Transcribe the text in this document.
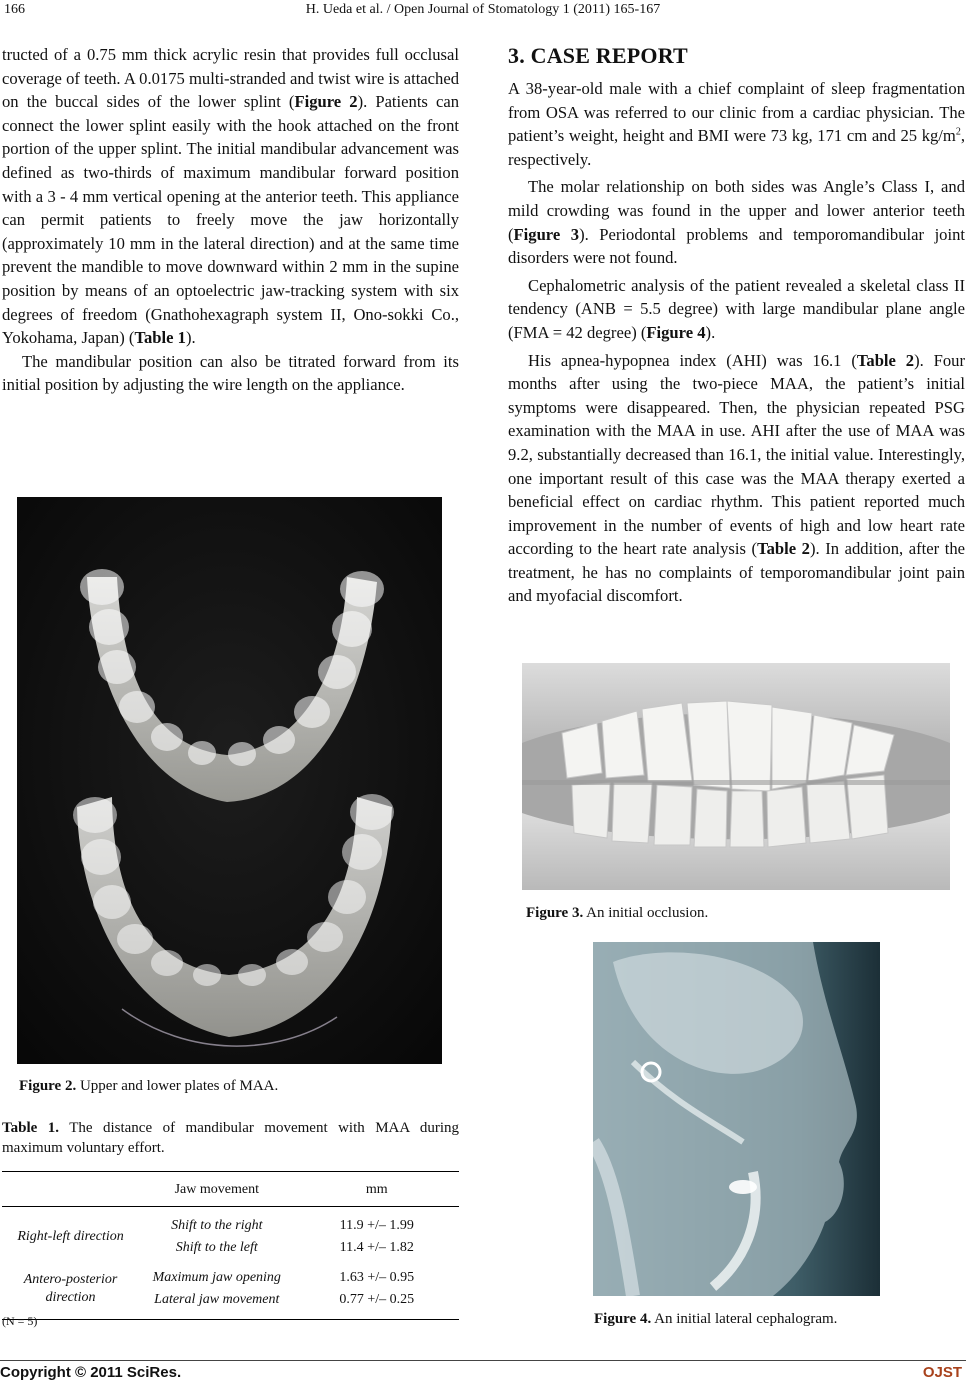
166	H. Ueda et al. / Open Journal of Stomatology 1 (2011) 165-167

tructed of a 0.75 mm thick acrylic resin that provides full occlusal coverage of teeth. A 0.0175 multi-stranded and twist wire is attached on the buccal sides of the lower splint (Figure 2). Patients can connect the lower splint easily with the hook attached on the front portion of the upper splint. The initial mandibular advancement was defined as two-thirds of maximum mandibular forward position with a 3 - 4 mm vertical opening at the anterior teeth. This appliance can permit patients to freely move the jaw horizontally (approximately 10 mm in the lateral direction) and at the same time prevent the mandible to move downward within 2 mm in the supine position by means of an optoelectric jaw-tracking system with six degrees of freedom (Gnathohexagraph system II, Ono-sokki Co., Yokohama, Japan) (Table 1).

The mandibular position can also be titrated forward from its initial position by adjusting the wire length on the appliance.

Figure 2. Upper and lower plates of MAA.
Table 1. The distance of mandibular movement with MAA during maximum voluntary effort.
	Jaw movement	mm
Right-left direction	Shift to the right	11.9 +/– 1.99
	Shift to the left	11.4 +/– 1.82
Antero-posterior direction	Maximum jaw opening	1.63 +/– 0.95
	Lateral jaw movement	0.77 +/– 0.25
(N = 5)
3. CASE REPORT

A 38-year-old male with a chief complaint of sleep fragmentation from OSA was referred to our clinic from a cardiac physician. The patient’s weight, height and BMI were 73 kg, 171 cm and 25 $kg/m^2$, respectively.

The molar relationship on both sides was Angle’s Class I, and mild crowding was found in the upper and lower anterior teeth (Figure 3). Periodontal problems and temporomandibular joint disorders were not found.

Cephalometric analysis of the patient revealed a skeletal class II tendency (ANB = 5.5 degree) with large mandibular plane angle (FMA = 42 degree) (Figure 4).

His apnea-hypopnea index (AHI) was 16.1 (Table 2). Four months after using the two-piece MAA, the patient’s initial symptoms were disappeared. Then, the physician repeated PSG examination with the MAA in use. AHI after the use of MAA was 9.2, substantially decreased than 16.1, the initial value. Interestingly, one important result of this case was the MAA therapy exerted a beneficial effect on cardiac rhythm. This patient reported much improvement in the number of events of high and low heart rate according to the heart rate analysis (Table 2). In addition, after the treatment, he has no complaints of temporomandibular joint pain and myofacial discomfort.

Figure 3. An initial occlusion.
Figure 4. An initial lateral cephalogram.
Copyright © 2011 SciRes.	OJST
